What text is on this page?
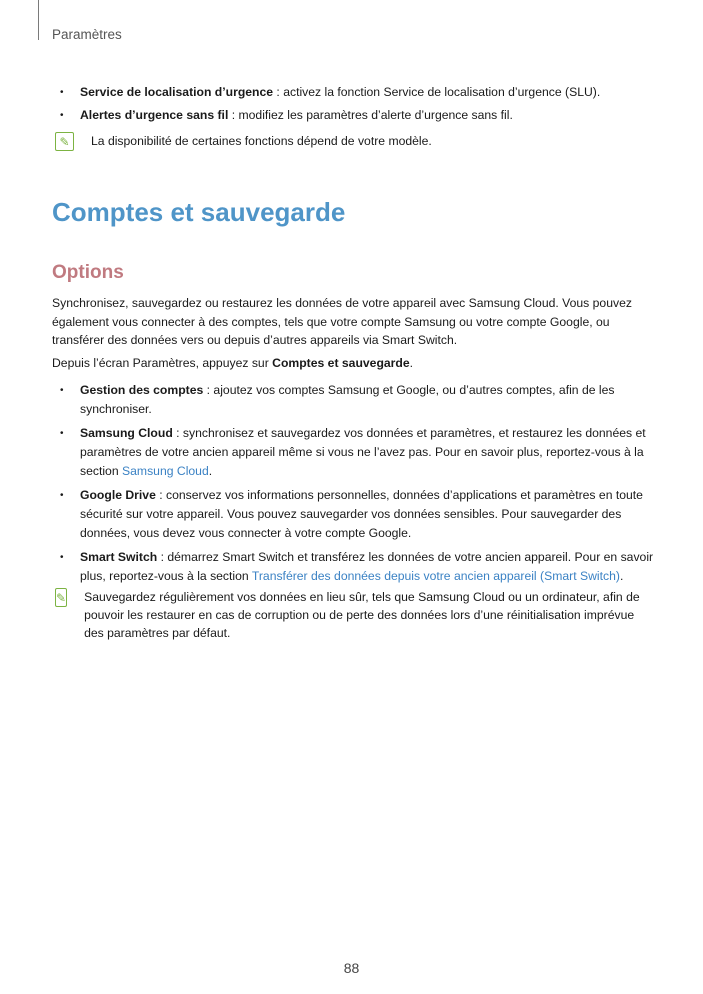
Paramètres
• Service de localisation d’urgence : activez la fonction Service de localisation d’urgence (SLU).
• Alertes d’urgence sans fil : modifiez les paramètres d’alerte d’urgence sans fil.
✎	La disponibilité de certaines fonctions dépend de votre modèle.
Comptes et sauvegarde
Options
Synchronisez, sauvegardez ou restaurez les données de votre appareil avec Samsung Cloud. Vous pouvez également vous connecter à des comptes, tels que votre compte Samsung ou votre compte Google, ou transférer des données vers ou depuis d’autres appareils via Smart Switch.
Depuis l’écran Paramètres, appuyez sur Comptes et sauvegarde.
• Gestion des comptes : ajoutez vos comptes Samsung et Google, ou d’autres comptes, afin de les synchroniser.
• Samsung Cloud : synchronisez et sauvegardez vos données et paramètres, et restaurez les données et paramètres de votre ancien appareil même si vous ne l’avez pas. Pour en savoir plus, reportez-vous à la section Samsung Cloud.
• Google Drive : conservez vos informations personnelles, données d’applications et paramètres en toute sécurité sur votre appareil. Vous pouvez sauvegarder vos données sensibles. Pour sauvegarder des données, vous devez vous connecter à votre compte Google.
• Smart Switch : démarrez Smart Switch et transférez les données de votre ancien appareil. Pour en savoir plus, reportez-vous à la section Transférer des données depuis votre ancien appareil (Smart Switch).
✎ Sauvegardez régulièrement vos données en lieu sûr, tels que Samsung Cloud ou un ordinateur, afin de pouvoir les restaurer en cas de corruption ou de perte des données lors d’une réinitialisation imprévue des paramètres par défaut.
88
